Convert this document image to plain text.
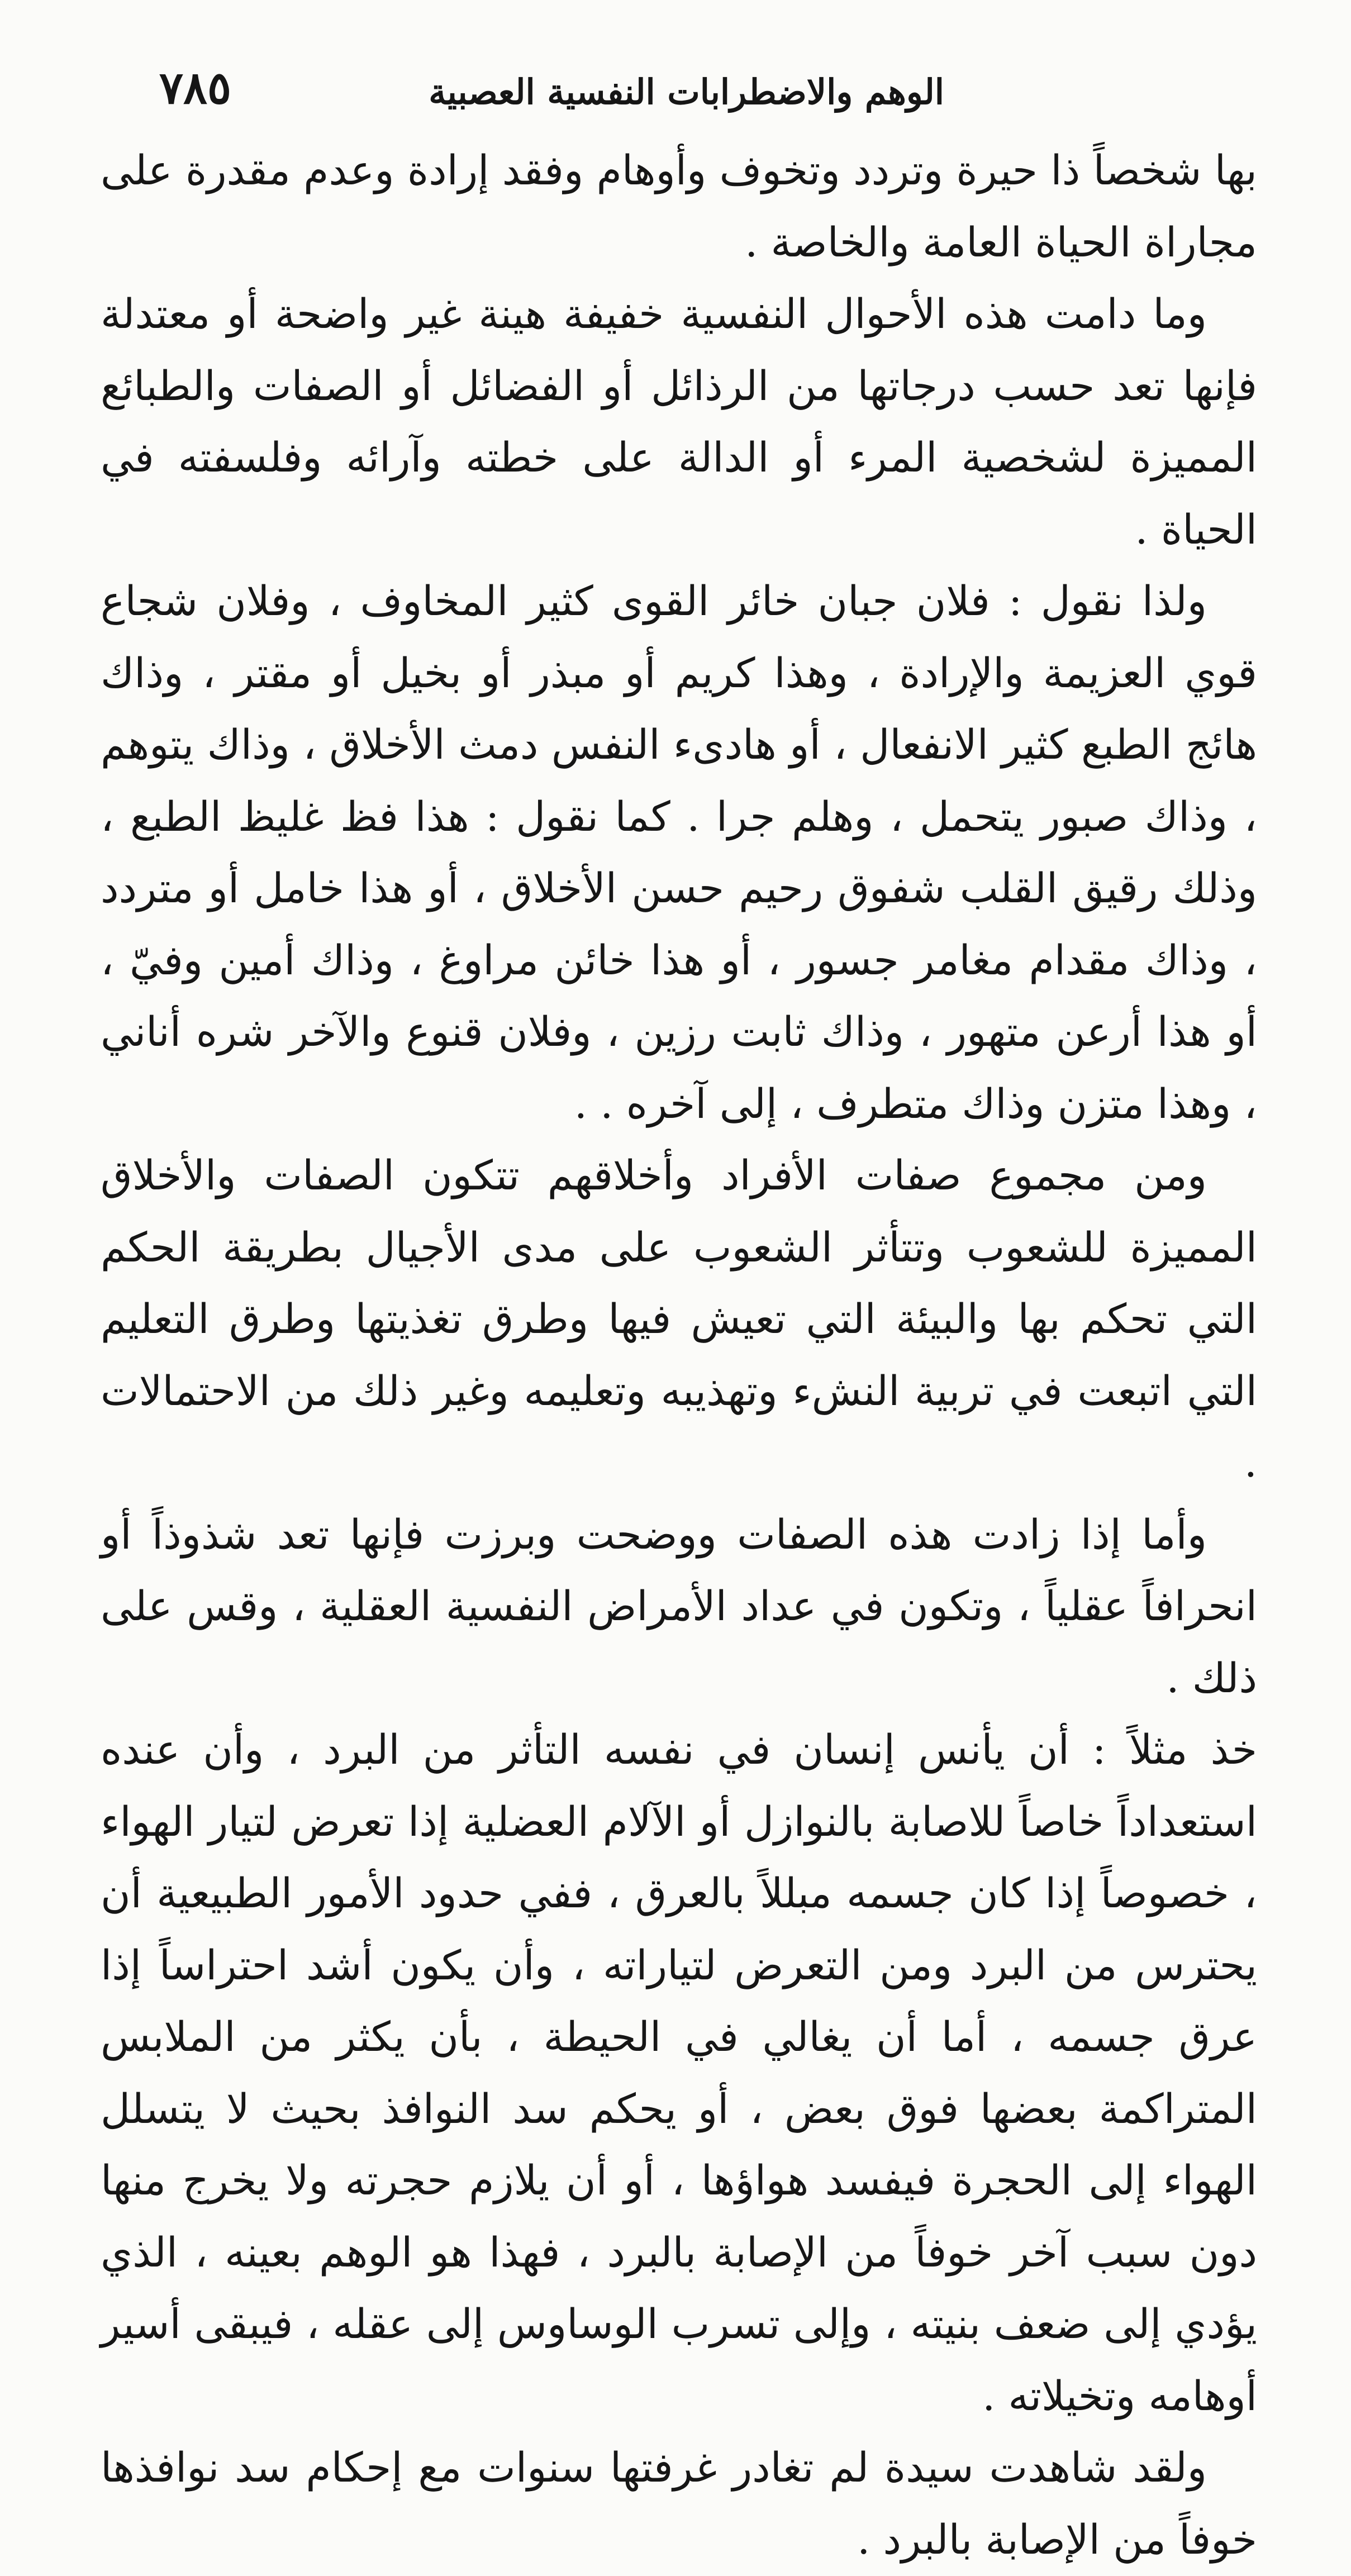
الوهم والاضطرابات النفسية العصبية
٧٨٥

بها شخصاً ذا حيرة وتردد وتخوف وأوهام وفقد إرادة وعدم مقدرة على مجاراة الحياة العامة والخاصة .

وما دامت هذه الأحوال النفسية خفيفة هينة غير واضحة أو معتدلة فإنها تعد حسب درجاتها من الرذائل أو الفضائل أو الصفات والطبائع المميزة لشخصية المرء أو الدالة على خطته وآرائه وفلسفته في الحياة .

ولذا نقول : فلان جبان خائر القوى كثير المخاوف ، وفلان شجاع قوي العزيمة والإرادة ، وهذا كريم أو مبذر أو بخيل أو مقتر ، وذاك هائج الطبع كثير الانفعال ، أو هادىء النفس دمث الأخلاق ، وذاك يتوهم ، وذاك صبور يتحمل ، وهلم جرا . كما نقول : هذا فظ غليظ الطبع ، وذلك رقيق القلب شفوق رحيم حسن الأخلاق ، أو هذا خامل أو متردد ، وذاك مقدام مغامر جسور ، أو هذا خائن مراوغ ، وذاك أمين وفيّ ، أو هذا أرعن متهور ، وذاك ثابت رزين ، وفلان قنوع والآخر شره أناني ، وهذا متزن وذاك متطرف ، إلى آخره . .

ومن مجموع صفات الأفراد وأخلاقهم تتكون الصفات والأخلاق المميزة للشعوب وتتأثر الشعوب على مدى الأجيال بطريقة الحكم التي تحكم بها والبيئة التي تعيش فيها وطرق تغذيتها وطرق التعليم التي اتبعت في تربية النشء وتهذيبه وتعليمه وغير ذلك من الاحتمالات .

وأما إذا زادت هذه الصفات ووضحت وبرزت فإنها تعد شذوذاً أو انحرافاً عقلياً ، وتكون في عداد الأمراض النفسية العقلية ، وقس على ذلك .

خذ مثلاً : أن يأنس إنسان في نفسه التأثر من البرد ، وأن عنده استعداداً خاصاً للاصابة بالنوازل أو الآلام العضلية إذا تعرض لتيار الهواء ، خصوصاً إذا كان جسمه مبللاً بالعرق ، ففي حدود الأمور الطبيعية أن يحترس من البرد ومن التعرض لتياراته ، وأن يكون أشد احتراساً إذا عرق جسمه ، أما أن يغالي في الحيطة ، بأن يكثر من الملابس المتراكمة بعضها فوق بعض ، أو يحكم سد النوافذ بحيث لا يتسلل الهواء إلى الحجرة فيفسد هواؤها ، أو أن يلازم حجرته ولا يخرج منها دون سبب آخر خوفاً من الإصابة بالبرد ، فهذا هو الوهم بعينه ، الذي يؤدي إلى ضعف بنيته ، وإلى تسرب الوساوس إلى عقله ، فيبقى أسير أوهامه وتخيلاته .

ولقد شاهدت سيدة لم تغادر غرفتها سنوات مع إحكام سد نوافذها خوفاً من الإصابة بالبرد .
